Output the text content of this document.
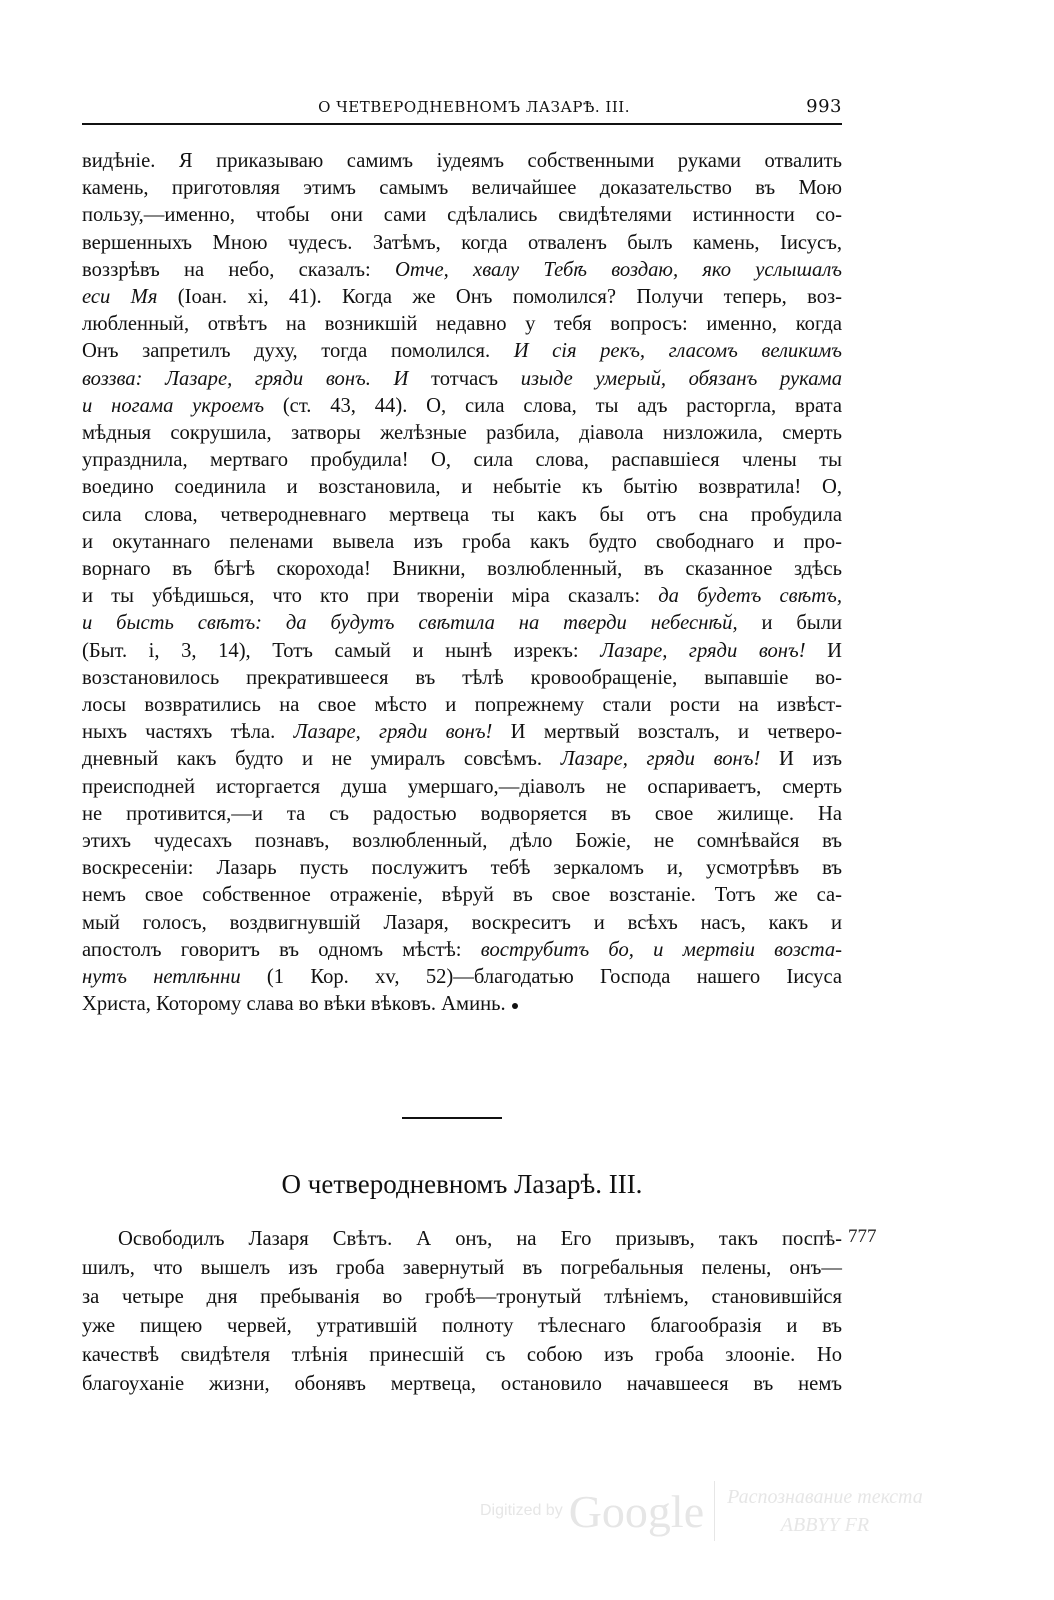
О ЧЕТВЕРОДНЕВНОМЪ ЛАЗАРѢ. III.	993
видѣніе. Я приказываю самимъ іудеямъ собственными руками отвалить
камень, приготовляя этимъ самымъ величайшее доказательство въ Мою
пользу,—именно, чтобы они сами сдѣлались свидѣтелями истинности со-
вершенныхъ Мною чудесъ. Затѣмъ, когда отваленъ былъ камень, Іисусъ,
воззрѣвъ на небо, сказалъ: Отче, хвалу Тебѣ воздаю, яко услышалъ
еси Мя (Іоан. xi, 41). Когда же Онъ помолился? Получи теперь, воз-
любленный, отвѣтъ на возникшій недавно у тебя вопросъ: именно, когда
Онъ запретилъ духу, тогда помолился. И сія рекъ, гласомъ великимъ
воззва: Лазаре, гряди вонъ. И тотчасъ изыде умерый, обязанъ рукама
и ногама укроемъ (ст. 43, 44). О, сила слова, ты адъ расторгла, врата
мѣдныя сокрушила, затворы желѣзные разбила, діавола низложила, смерть
упразднила, мертваго пробудила! О, сила слова, распавшіеся члены ты
воедино соединила и возстановила, и небытіе къ бытію возвратила! О,
сила слова, четверодневнаго мертвеца ты какъ бы отъ сна пробудила
и окутаннаго пеленами вывела изъ гроба какъ будто свободнаго и про-
ворнаго въ бѣгѣ скорохода! Вникни, возлюбленный, въ сказанное здѣсь
и ты убѣдишься, что кто при твореніи міра сказалъ: да будетъ свѣтъ,
и бысть свѣтъ: да будутъ свѣтила на тверди небеснѣй, и были
(Быт. i, 3, 14), Тотъ самый и нынѣ изрекъ: Лазаре, гряди вонъ! И
возстановилось прекратившееся въ тѣлѣ кровообращеніе, выпавшіе во-
лосы возвратились на свое мѣсто и попрежнему стали рости на извѣст-
ныхъ частяхъ тѣла. Лазаре, гряди вонъ! И мертвый возсталъ, и четверо-
дневный какъ будто и не умиралъ совсѣмъ. Лазаре, гряди вонъ! И изъ
преисподней исторгается душа умершаго,—діаволъ не оспариваетъ, смерть
не противится,—и та съ радостью водворяется въ свое жилище. На
этихъ чудесахъ познавъ, возлюбленный, дѣло Божіе, не сомнѣвайся въ
воскресеніи: Лазарь пусть послужитъ тебѣ зеркаломъ и, усмотрѣвъ въ
немъ свое собственное отраженіе, вѣруй въ свое возстаніе. Тотъ же са-
мый голосъ, воздвигнувшій Лазаря, воскреситъ и всѣхъ насъ, какъ и
апостолъ говоритъ въ одномъ мѣстѣ: вострубитъ бо, и мертвіи возста-
нутъ нетлѣнни (1 Кор. xv, 52)—благодатью Господа нашего Іисуса
Христа, Которому слава во вѣки вѣковъ. Аминь.
О четверодневномъ Лазарѣ. III.
777
Освободилъ Лазаря Свѣтъ. А онъ, на Его призывъ, такъ поспѣ-
шилъ, что вышелъ изъ гроба завернутый въ погребальныя пелены, онъ—
за четыре дня пребыванія во гробѣ—тронутый тлѣніемъ, становившійся
уже пищею червей, утратившій полноту тѣлеснаго благообразія и въ
качествѣ свидѣтеля тлѣнія принесшій съ собою изъ гроба злооніе. Но
благоуханіе жизни, обонявъ мертвеца, остановило начавшееся въ немъ
Digitized by Google Распознавание текста
ABBYY FR
